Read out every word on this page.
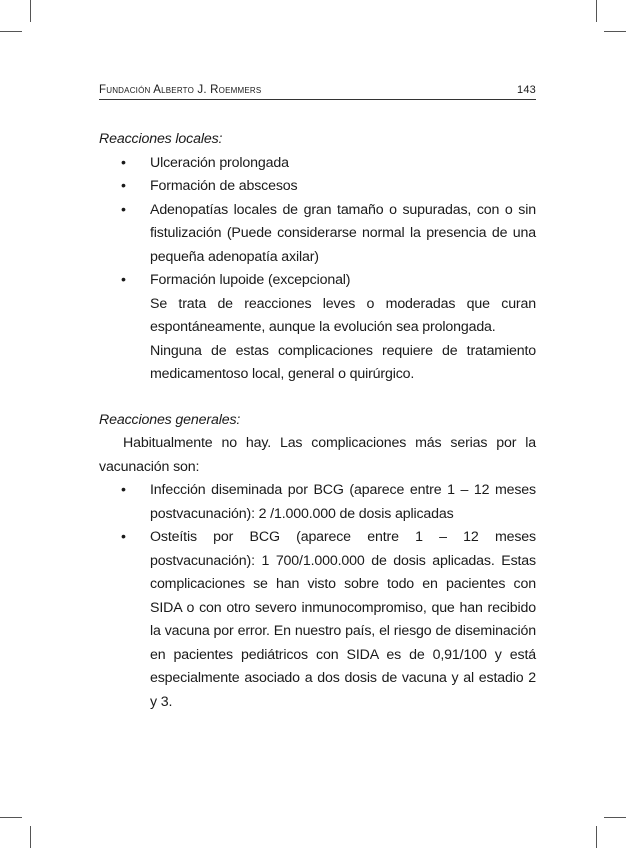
Fundación Alberto J. Roemmers	143
Reacciones locales:
• Ulceración prolongada
• Formación de abscesos
• Adenopatías locales de gran tamaño o supuradas, con o sin fistulización (Puede considerarse normal la presencia de una pequeña adenopatía axilar)
• Formación lupoide (excepcional)
Se trata de reacciones leves o moderadas que curan espontáneamente, aunque la evolución sea prolongada.
Ninguna de estas complicaciones requiere de tratamiento medicamentoso local, general o quirúrgico.
Reacciones generales:
Habitualmente no hay. Las complicaciones más serias por la vacunación son:
• Infección diseminada por BCG (aparece entre 1 – 12 meses postvacunación): 2 /1.000.000 de dosis aplicadas
• Osteítis por BCG (aparece entre 1 – 12 meses postvacunación): 1 700/1.000.000 de dosis aplicadas. Estas complicaciones se han visto sobre todo en pacientes con SIDA o con otro severo inmunocompromiso, que han recibido la vacuna por error. En nuestro país, el riesgo de diseminación en pacientes pediátricos con SIDA es de 0,91/100 y está especialmente asociado a dos dosis de vacuna y al estadio 2 y 3.
